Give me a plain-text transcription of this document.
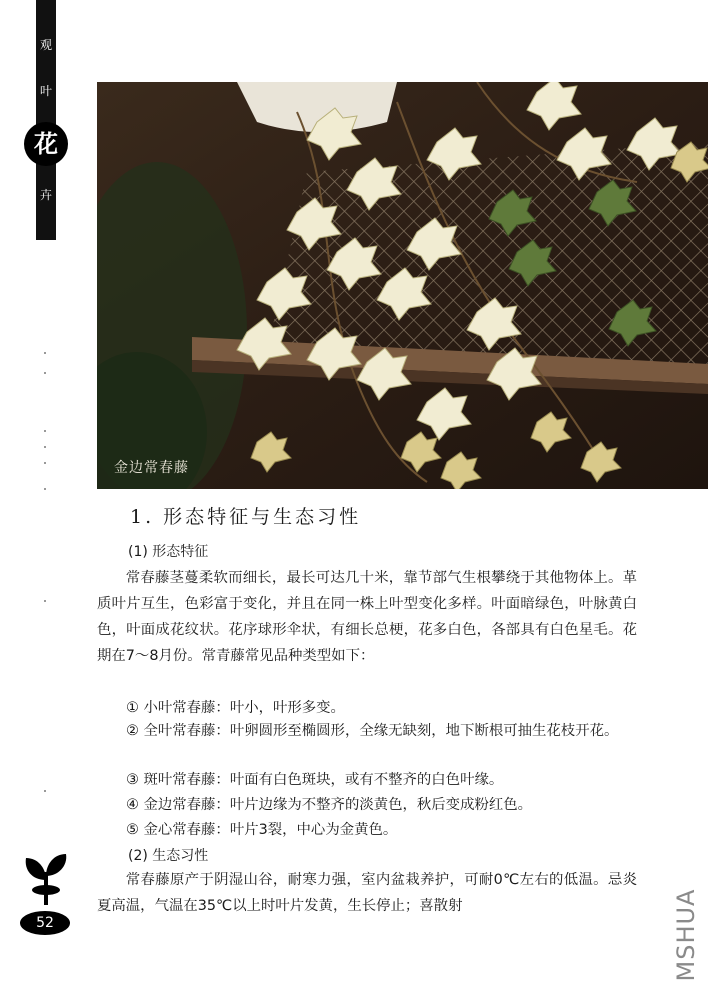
观
叶
卉
花
金边常春藤
1. 形态特征与生态习性
(1) 形态特征
常春藤茎蔓柔软而细长，最长可达几十米，靠节部气生根攀绕于其他物体上。革质叶片互生，色彩富于变化，并且在同一株上叶型变化多样。叶面暗绿色，叶脉黄白色，叶面成花纹状。花序球形伞状，有细长总梗，花多白色，各部具有白色星毛。花期在7～8月份。常青藤常见品种类型如下：
① 小叶常春藤：叶小，叶形多变。
② 全叶常春藤：叶卵圆形至椭圆形，全缘无缺刻，地下断根可抽生花枝开花。
③ 斑叶常春藤：叶面有白色斑块，或有不整齐的白色叶缘。
④ 金边常春藤：叶片边缘为不整齐的淡黄色，秋后变成粉红色。
⑤ 金心常春藤：叶片3裂，中心为金黄色。
(2) 生态习性
常春藤原产于阴湿山谷，耐寒力强，室内盆栽养护，可耐0℃左右的低温。忌炎夏高温，气温在35℃以上时叶片发黄，生长停止；喜散射
52	MSHUA
